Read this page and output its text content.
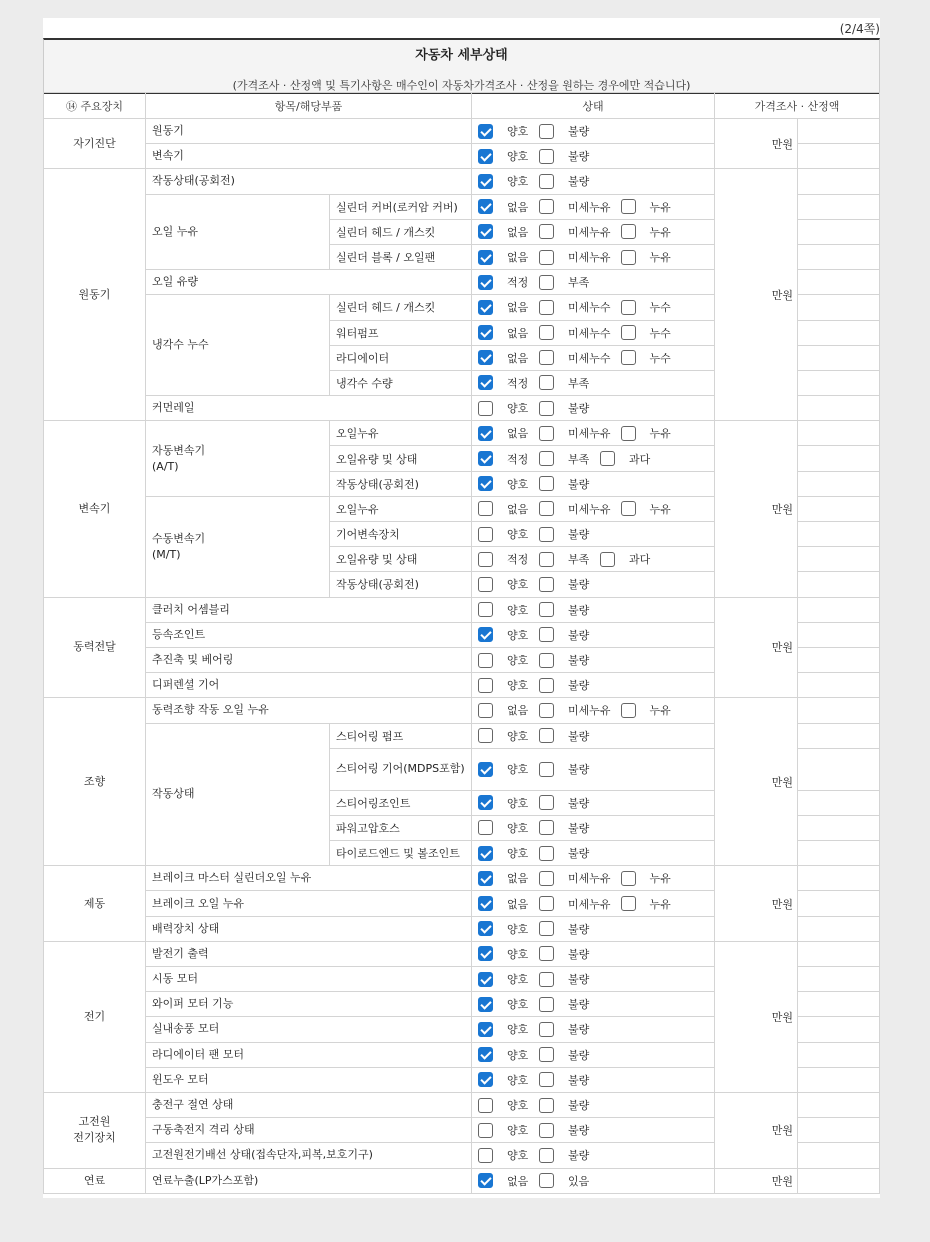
(2/4쪽)
자동차 세부상태
(가격조사 · 산정액 및 특기사항은 매수인이 자동차가격조사 · 산정을 원하는 경우에만 적습니다)
⑭ 주요장치	항목/해당부품		상태	가격조사 · 산정액	
자기진단	원동기		양호 불량	만원	
	변속기		양호 불량		

원동기	작동상태(공회전)		양호 불량	만원	
	오일 누유	실린더 커버(로커암 커버)	없음 미세누유 누유		

		실린더 헤드 / 개스킷	없음 미세누유 누유		

		실린더 블록 / 오일팬	없음 미세누유 누유		

	오일 유량		적정 부족		

	냉각수 누수	실린더 헤드 / 개스킷	없음 미세누수 누수		

		워터펌프	없음 미세누수 누수		

		라디에이터	없음 미세누수 누수		

		냉각수 수량	적정 부족		

	커먼레일		양호 불량		

변속기	자동변속기
(A/T)	오일누유	없음 미세누유 누유	만원	
		오일유량 및 상태	적정 부족 과다		

		작동상태(공회전)	양호 불량		

	수동변속기
(M/T)	오일누유	없음 미세누유 누유		

		기어변속장치	양호 불량		

		오일유량 및 상태	적정 부족 과다		

		작동상태(공회전)	양호 불량		

동력전달	클러치 어셈블리		양호 불량	만원	
	등속조인트		양호 불량		

	추진축 및 베어링		양호 불량		

	디퍼렌셜 기어		양호 불량		

조향	동력조향 작동 오일 누유		없음 미세누유 누유	만원	
	작동상태	스티어링 펌프	양호 불량		

		스티어링 기어(MDPS포함)	양호 불량		

		스티어링조인트	양호 불량		

		파워고압호스	양호 불량		

		타이로드엔드 및 볼조인트	양호 불량		

제동	브레이크 마스터 실린더오일 누유		없음 미세누유 누유	만원	
	브레이크 오일 누유		없음 미세누유 누유		

	배력장치 상태		양호 불량		

전기	발전기 출력		양호 불량	만원	
	시동 모터		양호 불량		

	와이퍼 모터 기능		양호 불량		

	실내송풍 모터		양호 불량		

	라디에이터 팬 모터		양호 불량		

	윈도우 모터		양호 불량		

고전원
전기장치	충전구 절연 상태		양호 불량	만원	
	구동축전지 격리 상태		양호 불량		

	고전원전기배선 상태(접속단자,피복,보호기구)		양호 불량		

연료	연료누출(LP가스포함)		없음 있음	만원	
